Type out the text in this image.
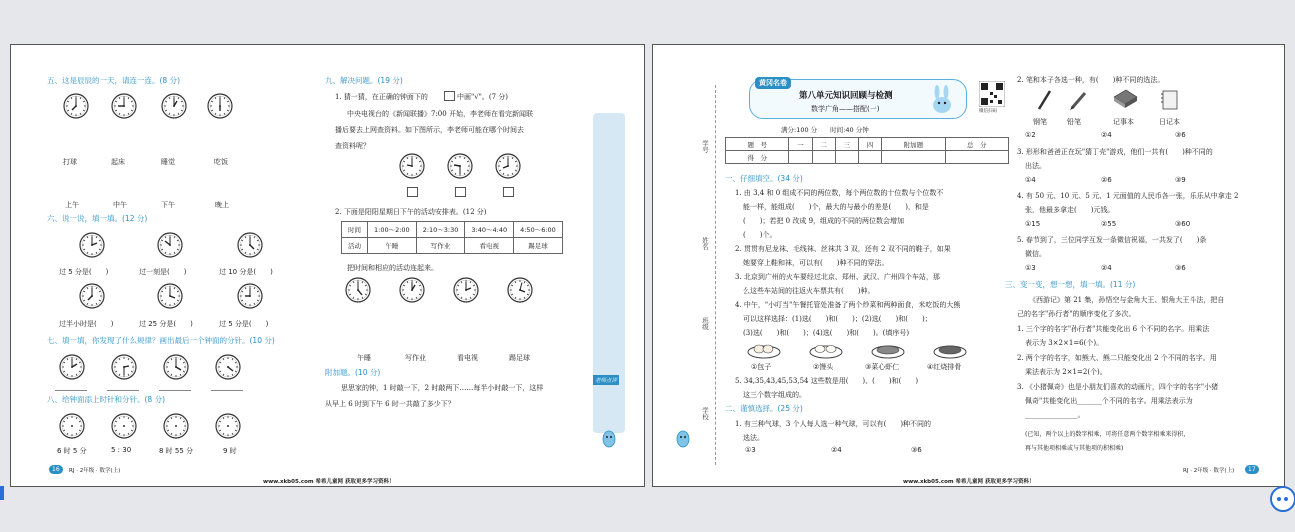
五、这是辰辰的一天，请连一连。(8 分)
打球	起床	睡觉	吃饭
上午	中午	下午	晚上
六、说一说，填一填。(12 分)
过 5 分是(　　)	过一刻是(　　)	过 10 分是(　　)
过半小时是(　　)	过 25 分是(　　)	过 5 分是(　　)
七、填一填，你发现了什么规律？画出最后一个钟面的分针。(10 分)
八、给钟面添上时针和分针。(8 分)
6 时 5 分	5 : 30	8 时 55 分	9 时
九、解决问题。(19 分)
1. 猜一猜，在正确的钟面下的	中画"√"。(7 分)
中央电视台的《新闻联播》7:00 开始，李老师在看完新闻联
播后要去上网查资料。如下图所示，李老师可能在哪个时间去
查资料呢？
2. 下面是阳阳星期日下午的活动安排表。(12 分)
时间	1:00～2:00	2:10～3:30	3:40～4:40	4:50～6:00
活动	午睡	写作业	看电视	踢足球
把时间和相应的活动连起来。
午睡	写作业	看电视	踢足球
附加题。(10 分)
思思家的钟，1 时敲一下，2 时敲两下……每半小时敲一下，这样
从早上 6 时到下午 6 时一共敲了多少下？
老师点评
16	RJ · 2年级 · 数学(上)
www.xkb05.com 希希儿童网 获取更多学习资料！
学号
姓名
班级
学校
黄冈名卷
第八单元知识回顾与检测
数学广角——搭配(一)
满分:100 分　　时间:40 分钟
微信扫码
题　号	一	二	三	四	附加题	总　分
得　分						
一、仔细填空。(34 分)
1. 由 3,4 和 0 组成不同的两位数，每个两位数的十位数与个位数不
能一样，能组成(　　)个，最大的与最小的差是(　　)，和是
(　　)；若把 0 改成 9，组成的不同的两位数会增加
(　　)个。
2. 贯贯有尼龙袜、毛线袜、丝袜共 3 双，还有 2 双不同的鞋子，如果
她要穿上鞋和袜，可以有(　　)种不同的穿法。
3. 北京到广州的火车要经过北京、郑州、武汉、广州四个车站，那
么这些车站间的往返火车票共有(　　)种。
4. 中午，"小叮当"午餐托管处准备了两个炒菜和两种面食，米吃饭的大熊
可以这样选择：(1)选(　　)和(　　)；(2)选(　　)和(　　)；
(3)选(　　)和(　　)；(4)选(　　)和(　　)。(填序号)
①包子	②馒头	③菜心虾仁	④红烧排骨
5. 34,35,43,45,53,54 这些数是用(　　)、(　　)和(　　)
这三个数字组成的。
二、谨慎选择。(25 分)
1. 有三种气球，3 个人每人选一种气球，可以有(　　)种不同的
选法。
①3	②4	③6
2. 笔和本子各选一种，有(　　)种不同的选法。
钢笔	铅笔	记事本	日记本
①2	②4	③6
3. 形形和爸爸正在玩"猜丁壳"游戏，他们一共有(　　)种不同的
出法。
①4	②6	③9
4. 有 50 元、10 元、5 元、1 元面值的人民币各一张，乐乐从中拿走 2
张，他最多拿走(　　)元钱。
①15	②55	③60
5. 春节到了，三位同学互发一条微信祝福，一共发了(　　)条
微信。
①3	②4	③6
三、变一变，想一想，填一填。(11 分)
《西游记》第 21 集，孙悟空与金角大王、银角大王斗法，把自
己的名字"孙行者"的顺序变化了多次。
1. 三个字的名字"孙行者"共能变化出 6 个不同的名字。用乘法
表示为 3×2×1=6(个)。
2. 两个字的名字，如熊大、熊二只能变化出 2 个不同的名字。用
乘法表示为 2×1=2(个)。
3. 《小猪佩奇》也是小朋友们喜欢的动画片，四个字的名字"小猪
佩奇"共能变化出_______个不同的名字。用乘法表示为
_______________。
(已知，两个以上的数字相乘，可将任意两个数字相乘来得积，
再与其他项相乘或与其他项的积相乘)
RJ · 2年级 · 数学(上)	17
www.xkb05.com 希希儿童网 获取更多学习资料！
